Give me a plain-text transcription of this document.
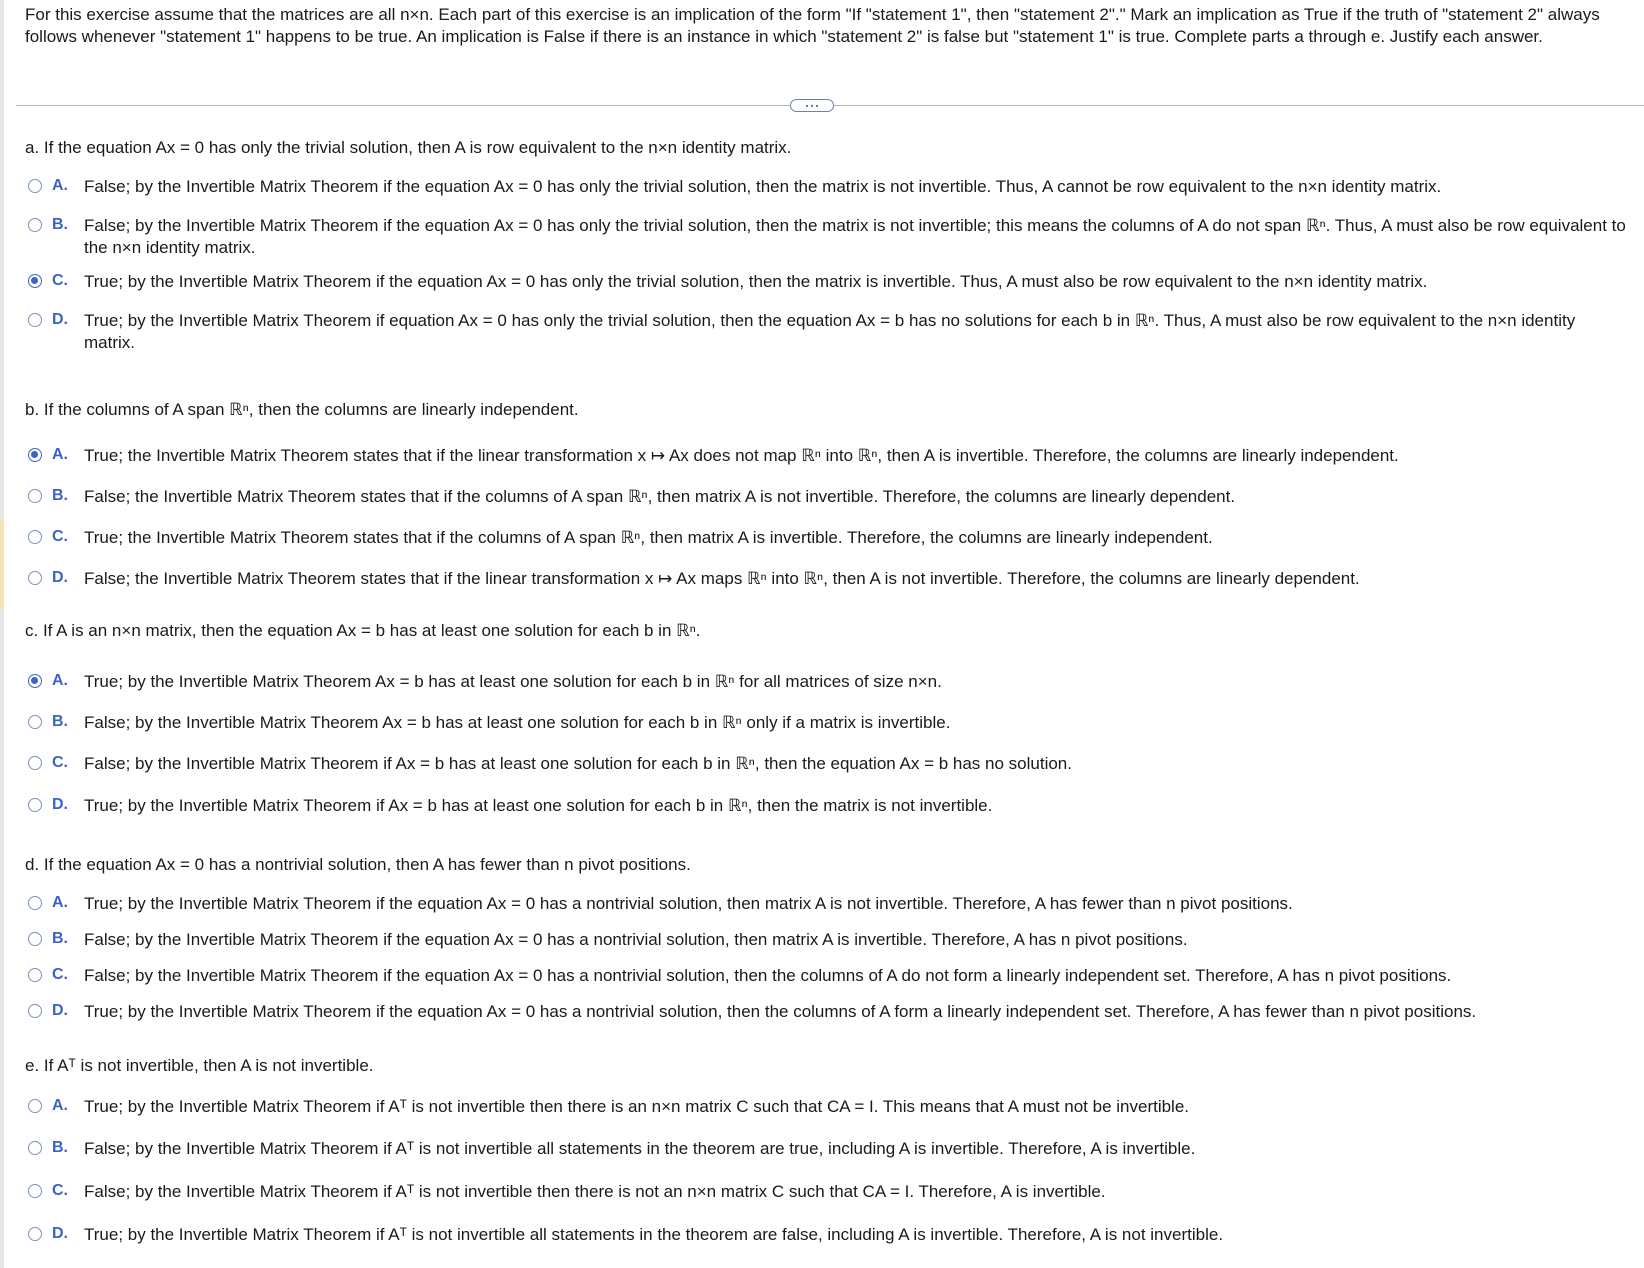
For this exercise assume that the matrices are all n×n. Each part of this exercise is an implication of the form "If "statement 1", then "statement 2"." Mark an implication as True if the truth of "statement 2" always follows whenever "statement 1" happens to be true. An implication is False if there is an instance in which "statement 2" is false but "statement 1" is true. Complete parts a through e. Justify each answer.
a. If the equation Ax = 0 has only the trivial solution, then A is row equivalent to the n×n identity matrix.
A. False; by the Invertible Matrix Theorem if the equation Ax = 0 has only the trivial solution, then the matrix is not invertible. Thus, A cannot be row equivalent to the n×n identity matrix.
B. False; by the Invertible Matrix Theorem if the equation Ax = 0 has only the trivial solution, then the matrix is not invertible; this means the columns of A do not span ℝⁿ. Thus, A must also be row equivalent to the n×n identity matrix.
C. True; by the Invertible Matrix Theorem if the equation Ax = 0 has only the trivial solution, then the matrix is invertible. Thus, A must also be row equivalent to the n×n identity matrix.
D. True; by the Invertible Matrix Theorem if equation Ax = 0 has only the trivial solution, then the equation Ax = b has no solutions for each b in ℝⁿ. Thus, A must also be row equivalent to the n×n identity matrix.
b. If the columns of A span ℝⁿ, then the columns are linearly independent.
A. True; the Invertible Matrix Theorem states that if the linear transformation x ↦ Ax does not map ℝⁿ into ℝⁿ, then A is invertible. Therefore, the columns are linearly independent.
B. False; the Invertible Matrix Theorem states that if the columns of A span ℝⁿ, then matrix A is not invertible. Therefore, the columns are linearly dependent.
C. True; the Invertible Matrix Theorem states that if the columns of A span ℝⁿ, then matrix A is invertible. Therefore, the columns are linearly independent.
D. False; the Invertible Matrix Theorem states that if the linear transformation x ↦ Ax maps ℝⁿ into ℝⁿ, then A is not invertible. Therefore, the columns are linearly dependent.
c. If A is an n×n matrix, then the equation Ax = b has at least one solution for each b in ℝⁿ.
A. True; by the Invertible Matrix Theorem Ax = b has at least one solution for each b in ℝⁿ for all matrices of size n×n.
B. False; by the Invertible Matrix Theorem Ax = b has at least one solution for each b in ℝⁿ only if a matrix is invertible.
C. False; by the Invertible Matrix Theorem if Ax = b has at least one solution for each b in ℝⁿ, then the equation Ax = b has no solution.
D. True; by the Invertible Matrix Theorem if Ax = b has at least one solution for each b in ℝⁿ, then the matrix is not invertible.
d. If the equation Ax = 0 has a nontrivial solution, then A has fewer than n pivot positions.
A. True; by the Invertible Matrix Theorem if the equation Ax = 0 has a nontrivial solution, then matrix A is not invertible. Therefore, A has fewer than n pivot positions.
B. False; by the Invertible Matrix Theorem if the equation Ax = 0 has a nontrivial solution, then matrix A is invertible. Therefore, A has n pivot positions.
C. False; by the Invertible Matrix Theorem if the equation Ax = 0 has a nontrivial solution, then the columns of A do not form a linearly independent set. Therefore, A has n pivot positions.
D. True; by the Invertible Matrix Theorem if the equation Ax = 0 has a nontrivial solution, then the columns of A form a linearly independent set. Therefore, A has fewer than n pivot positions.
e. If Aᵀ is not invertible, then A is not invertible.
A. True; by the Invertible Matrix Theorem if Aᵀ is not invertible then there is an n×n matrix C such that CA = I. This means that A must not be invertible.
B. False; by the Invertible Matrix Theorem if Aᵀ is not invertible all statements in the theorem are true, including A is invertible. Therefore, A is invertible.
C. False; by the Invertible Matrix Theorem if Aᵀ is not invertible then there is not an n×n matrix C such that CA = I. Therefore, A is invertible.
D. True; by the Invertible Matrix Theorem if Aᵀ is not invertible all statements in the theorem are false, including A is invertible. Therefore, A is not invertible.
